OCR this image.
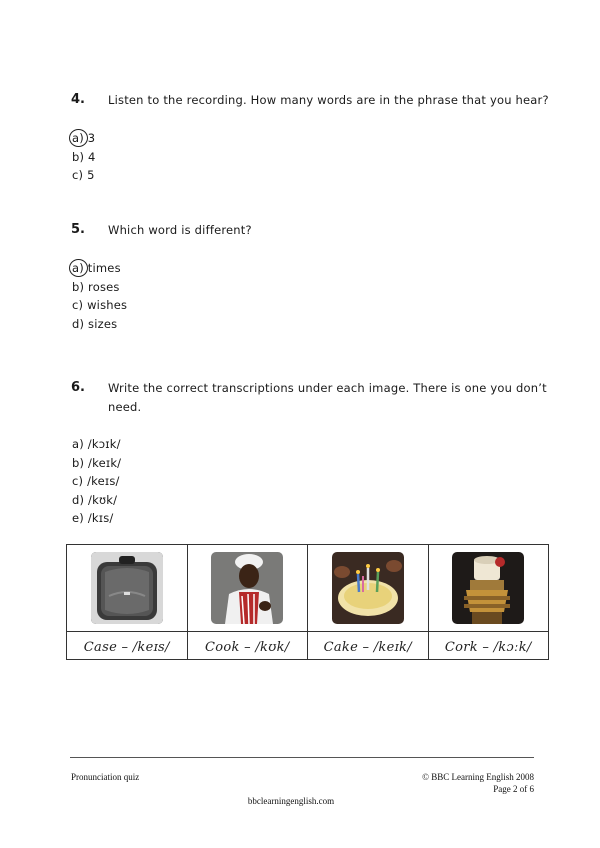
4. Listen to the recording. How many words are in the phrase that you hear?
a) 3
b) 4
c) 5
5. Which word is different?
a) times
b) roses
c) wishes
d) sizes
6. Write the correct transcriptions under each image. There is one you don’t
need.
a) /kɔɪk/
b) /keɪk/
c) /keɪs/
d) /kʊk/
e) /kɪs/

Case – /keɪs/	Cook – /kʊk/	Cake – /keɪk/	Cork – /kɔːk/
Pronunciation quiz	© BBC Learning English 2008
Page 2 of 6
bbclearningenglish.com
